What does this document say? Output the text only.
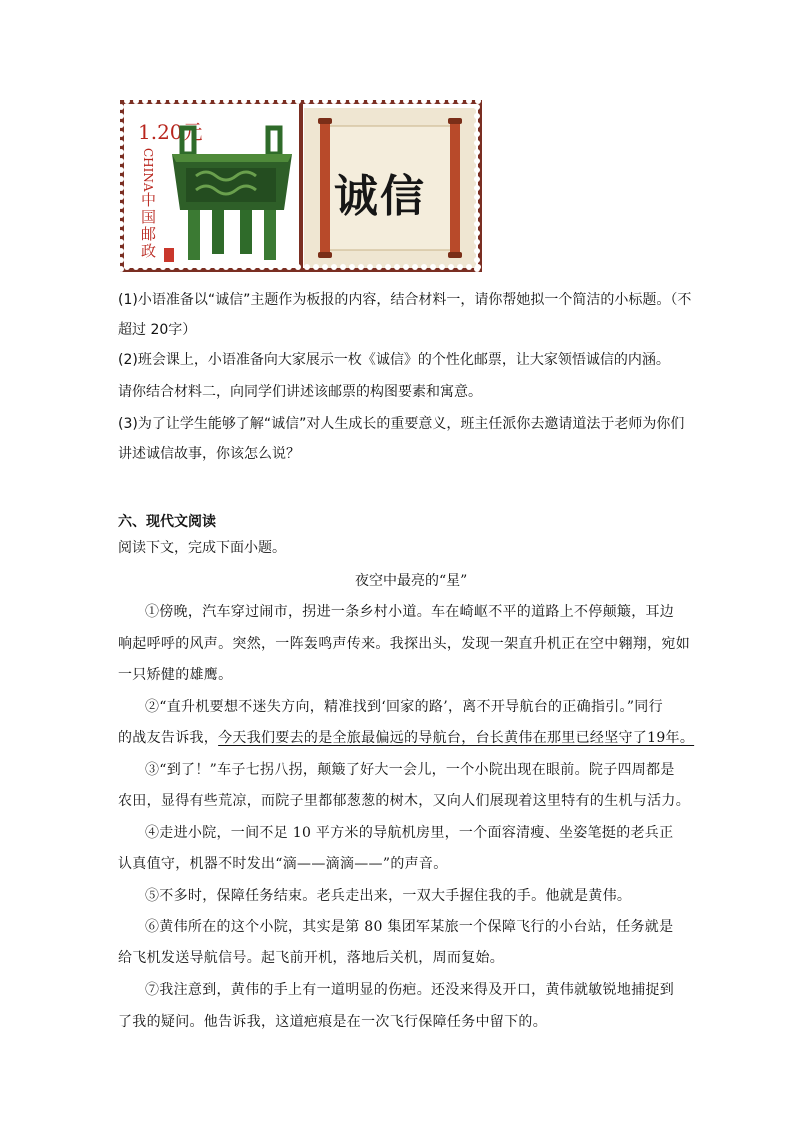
1.20元
CHINA
中国邮政	诚信
(1)小语准备以“诚信”主题作为板报的内容，结合材料一，请你帮她拟一个简洁的小标题。（不
超过 20字）
(2)班会课上，小语准备向大家展示一枚《诚信》的个性化邮票，让大家领悟诚信的内涵。
请你结合材料二，向同学们讲述该邮票的构图要素和寓意。
(3)为了让学生能够了解“诚信”对人生成长的重要意义，班主任派你去邀请道法于老师为你们
讲述诚信故事，你该怎么说？
六、现代文阅读
阅读下文，完成下面小题。
夜空中最亮的“星”
①傍晚，汽车穿过闹市，拐进一条乡村小道。车在崎岖不平的道路上不停颠簸，耳边
响起呼呼的风声。突然，一阵轰鸣声传来。我探出头，发现一架直升机正在空中翱翔，宛如
一只矫健的雄鹰。
②“直升机要想不迷失方向，精准找到‘回家的路’，离不开导航台的正确指引。”同行
的战友告诉我，今天我们要去的是全旅最偏远的导航台，台长黄伟在那里已经坚守了19年。
③“到了！”车子七拐八拐，颠簸了好大一会儿，一个小院出现在眼前。院子四周都是
农田，显得有些荒凉，而院子里都郁葱葱的树木，又向人们展现着这里特有的生机与活力。
④走进小院，一间不足 10 平方米的导航机房里，一个面容清瘦、坐姿笔挺的老兵正
认真值守，机器不时发出“滴——滴滴——”的声音。
⑤不多时，保障任务结束。老兵走出来，一双大手握住我的手。他就是黄伟。
⑥黄伟所在的这个小院，其实是第 80 集团军某旅一个保障飞行的小台站，任务就是
给飞机发送导航信号。起飞前开机，落地后关机，周而复始。
⑦我注意到，黄伟的手上有一道明显的伤疤。还没来得及开口，黄伟就敏锐地捕捉到
了我的疑问。他告诉我，这道疤痕是在一次飞行保障任务中留下的。
